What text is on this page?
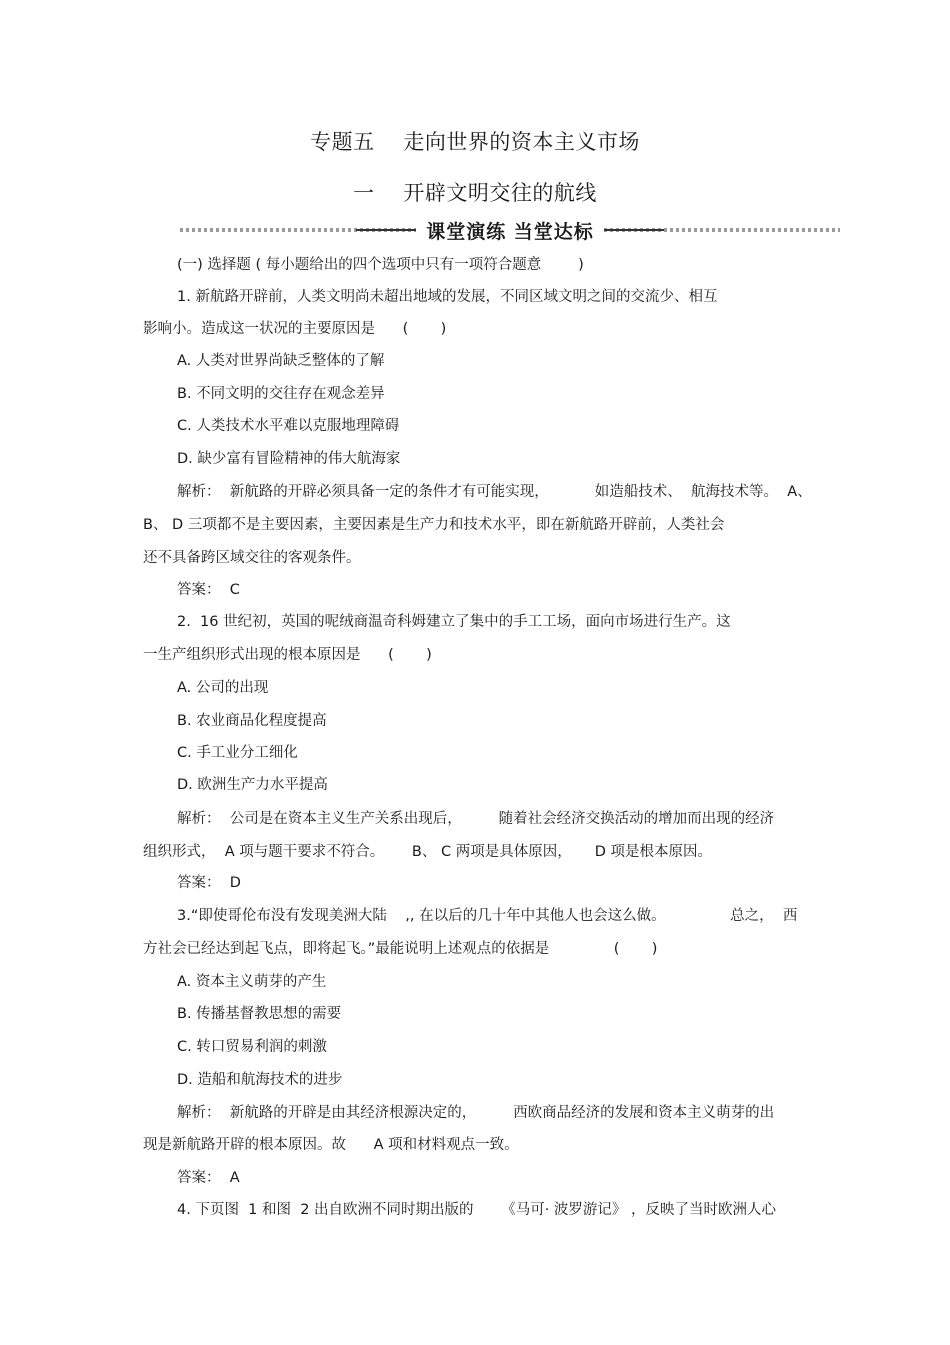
专题五    走向世界的资本主义市场
一    开辟文明交往的航线
课堂演练 当堂达标
(一) 选择题 ( 每小题给出的四个选项中只有一项符合题意        )
1. 新航路开辟前，人类文明尚未超出地域的发展，不同区域文明之间的交流少、相互
影响小。造成这一状况的主要原因是      (       )
A. 人类对世界尚缺乏整体的了解
B. 不同文明的交往存在观念差异
C. 人类技术水平难以克服地理障碍
D. 缺少富有冒险精神的伟大航海家
解析：  新航路的开辟必须具备一定的条件才有可能实现，          如造船技术、  航海技术等。  A、
B、 D 三项都不是主要因素，主要因素是生产力和技术水平，即在新航路开辟前，人类社会
还不具备跨区域交往的客观条件。
答案：  C
2.  16 世纪初，英国的呢绒商温奇科姆建立了集中的手工工场，面向市场进行生产。这
一生产组织形式出现的根本原因是      (       )
A. 公司的出现
B. 农业商品化程度提高
C. 手工业分工细化
D. 欧洲生产力水平提高
解析：  公司是在资本主义生产关系出现后，        随着社会经济交换活动的增加而出现的经济
组织形式，  A 项与题干要求不符合。      B、 C 两项是具体原因，     D 项是根本原因。
答案：  D
3.“即使哥伦布没有发现美洲大陆    ,, 在以后的几十年中其他人也会这么做。              总之，  西
方社会已经达到起飞点，即将起飞。”最能说明上述观点的依据是              (       )
A. 资本主义萌芽的产生
B. 传播基督教思想的需要
C. 转口贸易利润的刺激
D. 造船和航海技术的进步
解析：  新航路的开辟是由其经济根源决定的，        西欧商品经济的发展和资本主义萌芽的出
现是新航路开辟的根本原因。故      A 项和材料观点一致。
答案：  A
4. 下页图  1 和图  2 出自欧洲不同时期出版的      《马可· 波罗游记》 ，反映了当时欧洲人心
